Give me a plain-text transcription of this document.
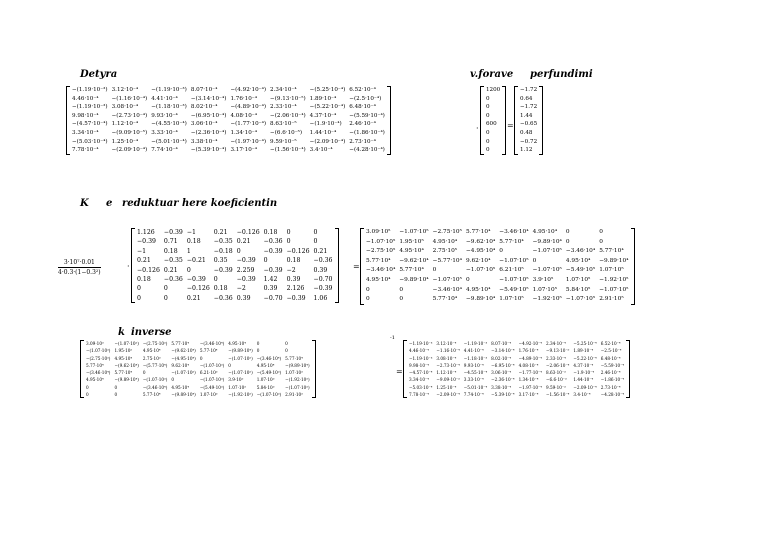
Detyra	v.forave perfundimi
K e reduktuar here koeficientin
k inverse
−(1.19·10⁻³)	3.12·10⁻⁴	−(1.19·10⁻³)	8.07·10⁻⁴	−(4.92·10⁻⁴)	2.34·10⁻⁴	−(5.25·10⁻⁴)	6.52·10⁻⁴
4.46·10⁻⁴	−(1.16·10⁻⁴)	4.41·10⁻⁴	−(3.14·10⁻⁴)	1.76·10⁻⁴	−(9.13·10⁻⁵)	1.89·10⁻⁴	−(2.5·10⁻⁴)
−(1.19·10⁻³)	3.08·10⁻⁴	−(1.18·10⁻³)	8.02·10⁻⁴	−(4.89·10⁻⁴)	2.33·10⁻⁴	−(5.22·10⁻⁴)	6.48·10⁻⁴
9.98·10⁻⁴	−(2.73·10⁻⁴)	9.93·10⁻⁴	−(6.95·10⁻⁴)	4.08·10⁻⁴	−(2.06·10⁻⁴)	4.37·10⁻⁴	−(5.59·10⁻⁴)
−(4.57·10⁻⁴)	1.12·10⁻⁴	−(4.55·10⁻⁴)	3.06·10⁻⁴	−(1.77·10⁻⁴)	8.63·10⁻⁵	−(1.9·10⁻⁴)	2.46·10⁻⁴
3.34·10⁻⁴	−(9.09·10⁻⁵)	3.33·10⁻⁴	−(2.36·10⁻⁴)	1.34·10⁻⁴	−(6.6·10⁻⁵)	1.44·10⁻⁴	−(1.86·10⁻⁴)
−(5.03·10⁻⁴)	1.25·10⁻⁴	−(5.01·10⁻⁴)	3.38·10⁻⁴	−(1.97·10⁻⁴)	9.59·10⁻⁵	−(2.09·10⁻⁴)	2.73·10⁻⁴
7.78·10⁻⁴	−(2.09·10⁻⁴)	7.74·10⁻⁴	−(5.39·10⁻⁴)	3.17·10⁻⁴	−(1.56·10⁻⁴)	3.4·10⁻⁴	−(4.28·10⁻⁴)
·
1200
0
0
0
600
0
0
0
=
−1.72
0.64
−1.72
1.44
−0.65
0.48
−0.72
1.12
$\frac{\text{3·10⁷·0.01}}{\text{4·0.3·(1−0.3²)}}$	·
1.126	−0.39	−1	0.21	−0.126	0.18	0	0
−0.39	0.71	0.18	−0.35	0.21	−0.36	0	0
−1	0.18	1	−0.18	0	−0.39	−0.126	0.21
0.21	−0.35	−0.21	0.35	−0.39	0	0.18	−0.36
−0.126	0.21	0	−0.39	2.259	−0.39	−2	0.39
0.18	−0.36	−0.39	0	−0.39	1.42	0.39	−0.70
0	0	−0.126	0.18	−2	0.39	2.126	−0.39
0	0	0.21	−0.36	0.39	−0.70	−0.39	1.06
=
3.09·10⁵	−1.07·10⁵	−2.75·10⁵	5.77·10⁴	−3.46·10⁴	4.95·10⁴	0	0
−1.07·10⁵	1.95·10⁵	4.95·10⁴	−9.62·10⁴	5.77·10⁴	−9.89·10⁴	0	0
−2.75·10⁵	4.95·10⁴	2.75·10⁵	−4.95·10⁴	0	−1.07·10⁵	−3.46·10⁴	5.77·10⁴
5.77·10⁴	−9.62·10⁴	−5.77·10⁴	9.62·10⁴	−1.07·10⁵	0	4.95·10⁴	−9.89·10⁴
−3.46·10⁴	5.77·10⁴	0	−1.07·10⁵	6.21·10⁵	−1.07·10⁵	−5.49·10⁵	1.07·10⁵
4.95·10⁴	−9.89·10⁴	−1.07·10⁵	0	−1.07·10⁵	3.9·10⁵	1.07·10⁵	−1.92·10⁵
0	0	−3.46·10⁴	4.95·10⁴	−5.49·10⁵	1.07·10⁵	5.84·10⁵	−1.07·10⁵
0	0	5.77·10⁴	−9.89·10⁴	1.07·10⁵	−1.92·10⁵	−1.07·10⁵	2.91·10⁵
3.09·10⁵	−(1.07·10⁵)	−(2.75·10⁵)	5.77·10⁴	−(3.46·10⁴)	4.95·10⁴	0	0
−(1.07·10⁵)	1.95·10⁵	4.95·10⁴	−(9.62·10⁴)	5.77·10⁴	−(9.89·10⁴)	0	0
−(2.75·10⁵)	4.95·10⁴	2.75·10⁵	−(4.95·10⁴)	0	−(1.07·10⁵)	−(3.46·10⁴)	5.77·10⁴
5.77·10⁴	−(9.62·10⁴)	−(5.77·10⁴)	9.62·10⁴	−(1.07·10⁵)	0	4.95·10⁴	−(9.89·10⁴)
−(3.46·10⁴)	5.77·10⁴	0	−(1.07·10⁵)	6.21·10⁵	−(1.07·10⁵)	−(5.49·10⁵)	1.07·10⁵
4.95·10⁴	−(9.89·10⁴)	−(1.07·10⁵)	0	−(1.07·10⁵)	3.9·10⁵	1.07·10⁵	−(1.92·10⁵)
0	0	−(3.46·10⁴)	4.95·10⁴	−(5.49·10⁵)	1.07·10⁵	5.84·10⁵	−(1.07·10⁵)
0	0	5.77·10⁴	−(9.89·10⁴)	1.07·10⁵	−(1.92·10⁵)	−(1.07·10⁵)	2.91·10⁵
-1
=
−1.19·10⁻³	3.12·10⁻⁴	−1.19·10⁻³	8.07·10⁻⁴	−4.92·10⁻⁴	2.34·10⁻⁴	−5.25·10⁻⁴	6.52·10⁻⁴
4.46·10⁻⁴	−1.16·10⁻⁴	4.41·10⁻⁴	−3.14·10⁻⁴	1.76·10⁻⁴	−9.13·10⁻⁵	1.89·10⁻⁴	−2.5·10⁻⁴
−1.19·10⁻³	3.08·10⁻⁴	−1.18·10⁻³	8.02·10⁻⁴	−4.89·10⁻⁴	2.33·10⁻⁴	−5.22·10⁻⁴	6.48·10⁻⁴
9.98·10⁻⁴	−2.73·10⁻⁴	9.93·10⁻⁴	−6.95·10⁻⁴	4.08·10⁻⁴	−2.06·10⁻⁴	4.37·10⁻⁴	−5.59·10⁻⁴
−4.57·10⁻⁴	1.12·10⁻⁴	−4.55·10⁻⁴	3.06·10⁻⁴	−1.77·10⁻⁴	8.63·10⁻⁵	−1.9·10⁻⁴	2.46·10⁻⁴
3.34·10⁻⁴	−9.09·10⁻⁵	3.33·10⁻⁴	−2.36·10⁻⁴	1.34·10⁻⁴	−6.6·10⁻⁵	1.44·10⁻⁴	−1.86·10⁻⁴
−5.03·10⁻⁴	1.25·10⁻⁴	−5.01·10⁻⁴	3.38·10⁻⁴	−1.97·10⁻⁴	9.59·10⁻⁵	−2.09·10⁻⁴	2.73·10⁻⁴
7.78·10⁻⁴	−2.09·10⁻⁴	7.74·10⁻⁴	−5.39·10⁻⁴	3.17·10⁻⁴	−1.56·10⁻⁴	3.4·10⁻⁴	−4.28·10⁻⁴
